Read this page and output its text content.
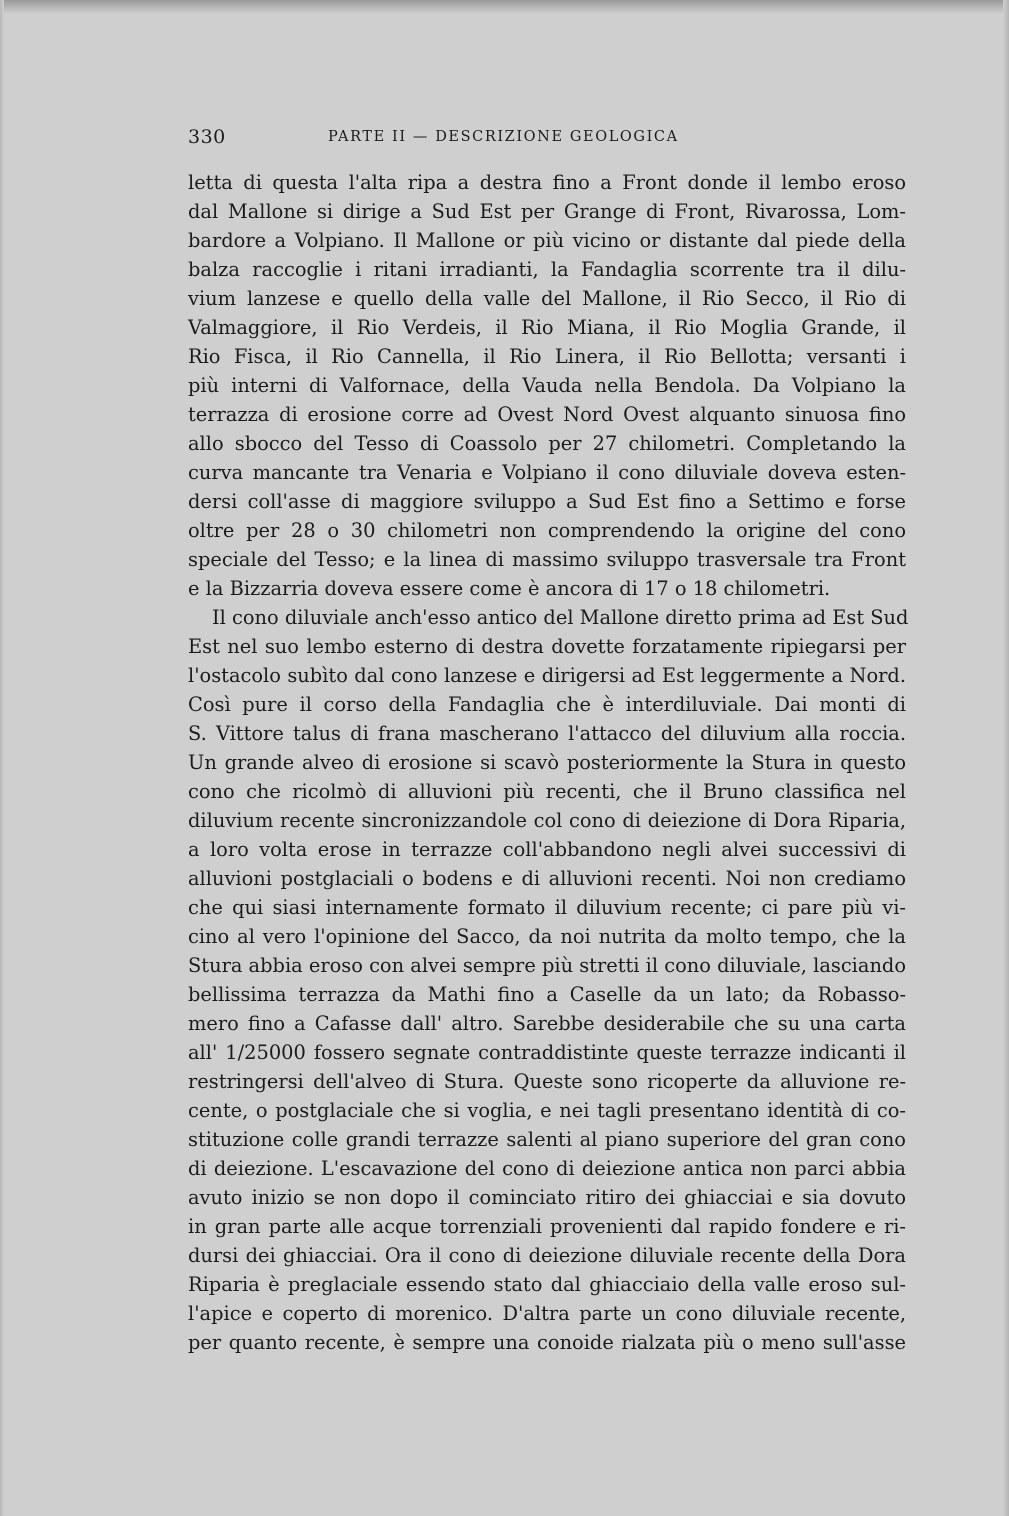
330	PARTE II — DESCRIZIONE GEOLOGICA
letta di questa l'alta ripa a destra fino a Front donde il lembo eroso
dal Mallone si dirige a Sud Est per Grange di Front, Rivarossa, Lom-
bardore a Volpiano. Il Mallone or più vicino or distante dal piede della
balza raccoglie i ritani irradianti, la Fandaglia scorrente tra il dilu-
vium lanzese e quello della valle del Mallone, il Rio Secco, il Rio di
Valmaggiore, il Rio Verdeis, il Rio Miana, il Rio Moglia Grande, il
Rio Fisca, il Rio Cannella, il Rio Linera, il Rio Bellotta; versanti i
più interni di Valfornace, della Vauda nella Bendola. Da Volpiano la
terrazza di erosione corre ad Ovest Nord Ovest alquanto sinuosa fino
allo sbocco del Tesso di Coassolo per 27 chilometri. Completando la
curva mancante tra Venaria e Volpiano il cono diluviale doveva esten-
dersi coll'asse di maggiore sviluppo a Sud Est fino a Settimo e forse
oltre per 28 o 30 chilometri non comprendendo la origine del cono
speciale del Tesso; e la linea di massimo sviluppo trasversale tra Front
e la Bizzarria doveva essere come è ancora di 17 o 18 chilometri.
Il cono diluviale anch'esso antico del Mallone diretto prima ad Est Sud
Est nel suo lembo esterno di destra dovette forzatamente ripiegarsi per
l'ostacolo subìto dal cono lanzese e dirigersi ad Est leggermente a Nord.
Così pure il corso della Fandaglia che è interdiluviale. Dai monti di
S. Vittore talus di frana mascherano l'attacco del diluvium alla roccia.
Un grande alveo di erosione si scavò posteriormente la Stura in questo
cono che ricolmò di alluvioni più recenti, che il Bruno classifica nel
diluvium recente sincronizzandole col cono di deiezione di Dora Riparia,
a loro volta erose in terrazze coll'abbandono negli alvei successivi di
alluvioni postglaciali o bodens e di alluvioni recenti. Noi non crediamo
che qui siasi internamente formato il diluvium recente; ci pare più vi-
cino al vero l'opinione del Sacco, da noi nutrita da molto tempo, che la
Stura abbia eroso con alvei sempre più stretti il cono diluviale, lasciando
bellissima terrazza da Mathi fino a Caselle da un lato; da Robasso-
mero fino a Cafasse dall' altro. Sarebbe desiderabile che su una carta
all' 1/25000 fossero segnate contraddistinte queste terrazze indicanti il
restringersi dell'alveo di Stura. Queste sono ricoperte da alluvione re-
cente, o postglaciale che si voglia, e nei tagli presentano identità di co-
stituzione colle grandi terrazze salenti al piano superiore del gran cono
di deiezione. L'escavazione del cono di deiezione antica non parci abbia
avuto inizio se non dopo il cominciato ritiro dei ghiacciai e sia dovuto
in gran parte alle acque torrenziali provenienti dal rapido fondere e ri-
dursi dei ghiacciai. Ora il cono di deiezione diluviale recente della Dora
Riparia è preglaciale essendo stato dal ghiacciaio della valle eroso sul-
l'apice e coperto di morenico. D'altra parte un cono diluviale recente,
per quanto recente, è sempre una conoide rialzata più o meno sull'asse
